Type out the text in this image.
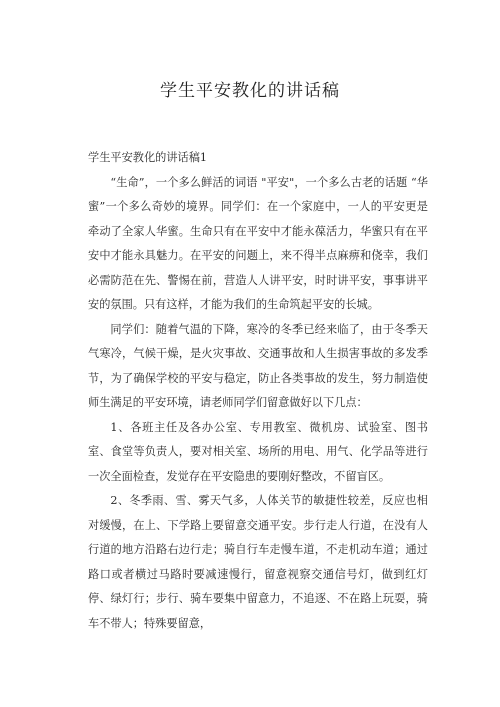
学生平安教化的讲话稿

学生平安教化的讲话稿1

“生命”，一个多么鲜活的词语 "平安"，一个多么古老的话题 “华蜜”一个多么奇妙的境界。同学们：在一个家庭中，一人的平安更是牵动了全家人华蜜。生命只有在平安中才能永葆活力，华蜜只有在平安中才能永具魅力。在平安的问题上，来不得半点麻痹和侥幸，我们必需防范在先、警惕在前，营造人人讲平安，时时讲平安，事事讲平安的氛围。只有这样，才能为我们的生命筑起平安的长城。

同学们：随着气温的下降，寒冷的冬季已经来临了，由于冬季天气寒冷，气候干燥，是火灾事故、交通事故和人生损害事故的多发季节，为了确保学校的平安与稳定，防止各类事故的发生，努力制造使师生满足的平安环境，请老师同学们留意做好以下几点：

1、各班主任及各办公室、专用教室、微机房、试验室、图书室、食堂等负责人，要对相关室、场所的用电、用气、化学品等进行一次全面检查，发觉存在平安隐患的要刚好整改，不留盲区。

2、冬季雨、雪、雾天气多，人体关节的敏捷性较差，反应也相对缓慢，在上、下学路上要留意交通平安。步行走人行道，在没有人行道的地方沿路右边行走；骑自行车走慢车道，不走机动车道；通过路口或者横过马路时要减速慢行，留意视察交通信号灯，做到红灯停、绿灯行；步行、骑车要集中留意力，不追逐、不在路上玩耍，骑车不带人；特殊要留意，
